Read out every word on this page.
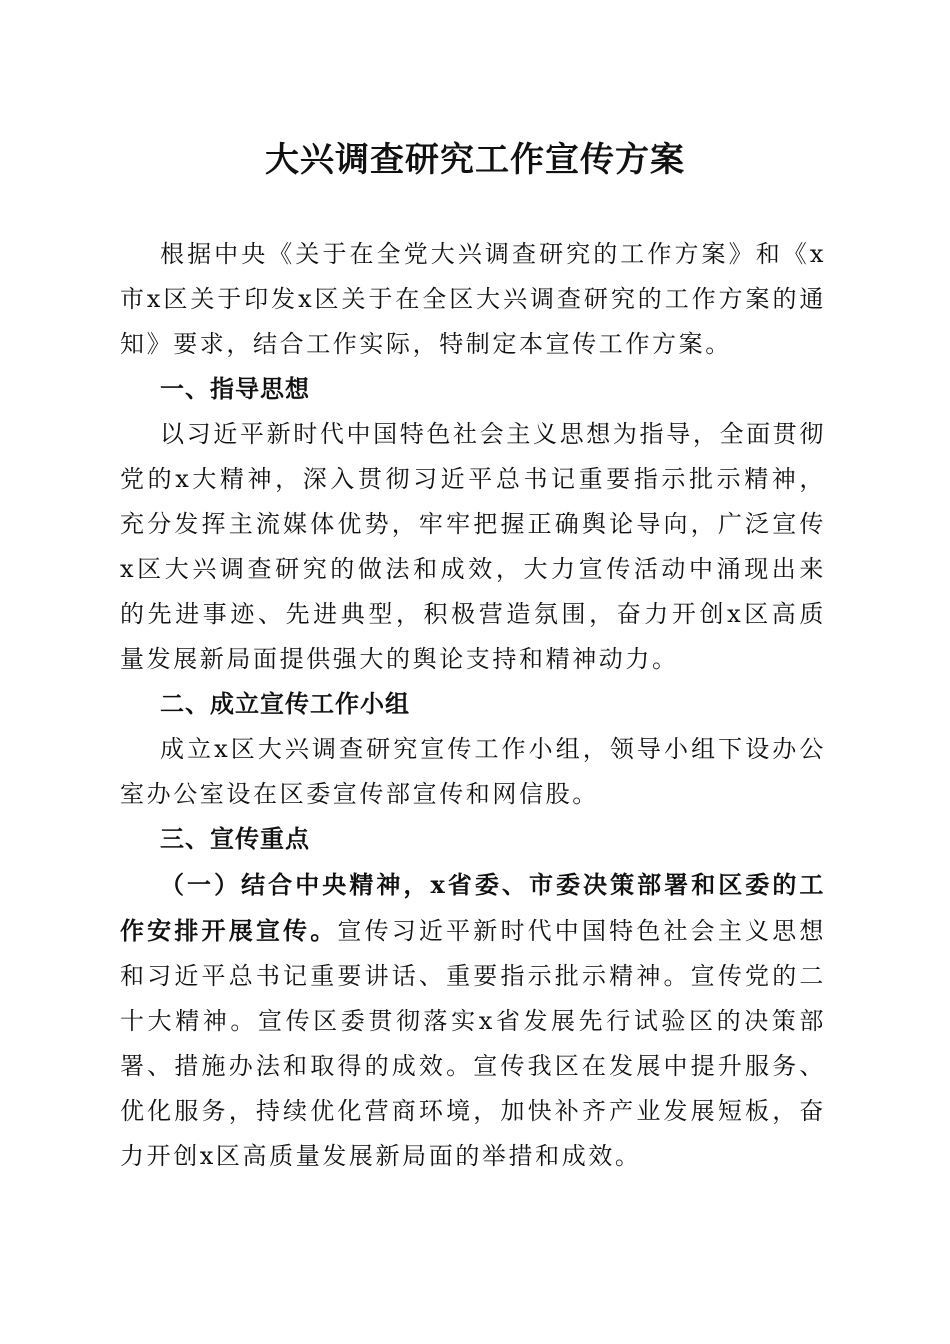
大兴调查研究工作宣传方案

根据中央《关于在全党大兴调查研究的工作方案》和《x市x区关于印发x区关于在全区大兴调查研究的工作方案的通知》要求，结合工作实际，特制定本宣传工作方案。

一、指导思想

以习近平新时代中国特色社会主义思想为指导，全面贯彻党的x大精神，深入贯彻习近平总书记重要指示批示精神，充分发挥主流媒体优势，牢牢把握正确舆论导向，广泛宣传x区大兴调查研究的做法和成效，大力宣传活动中涌现出来的先进事迹、先进典型，积极营造氛围，奋力开创x区高质量发展新局面提供强大的舆论支持和精神动力。

二、成立宣传工作小组

成立x区大兴调查研究宣传工作小组，领导小组下设办公室办公室设在区委宣传部宣传和网信股。

三、宣传重点

（一）结合中央精神，x省委、市委决策部署和区委的工作安排开展宣传。宣传习近平新时代中国特色社会主义思想和习近平总书记重要讲话、重要指示批示精神。宣传党的二十大精神。宣传区委贯彻落实x省发展先行试验区的决策部署、措施办法和取得的成效。宣传我区在发展中提升服务、优化服务，持续优化营商环境，加快补齐产业发展短板，奋力开创x区高质量发展新局面的举措和成效。
